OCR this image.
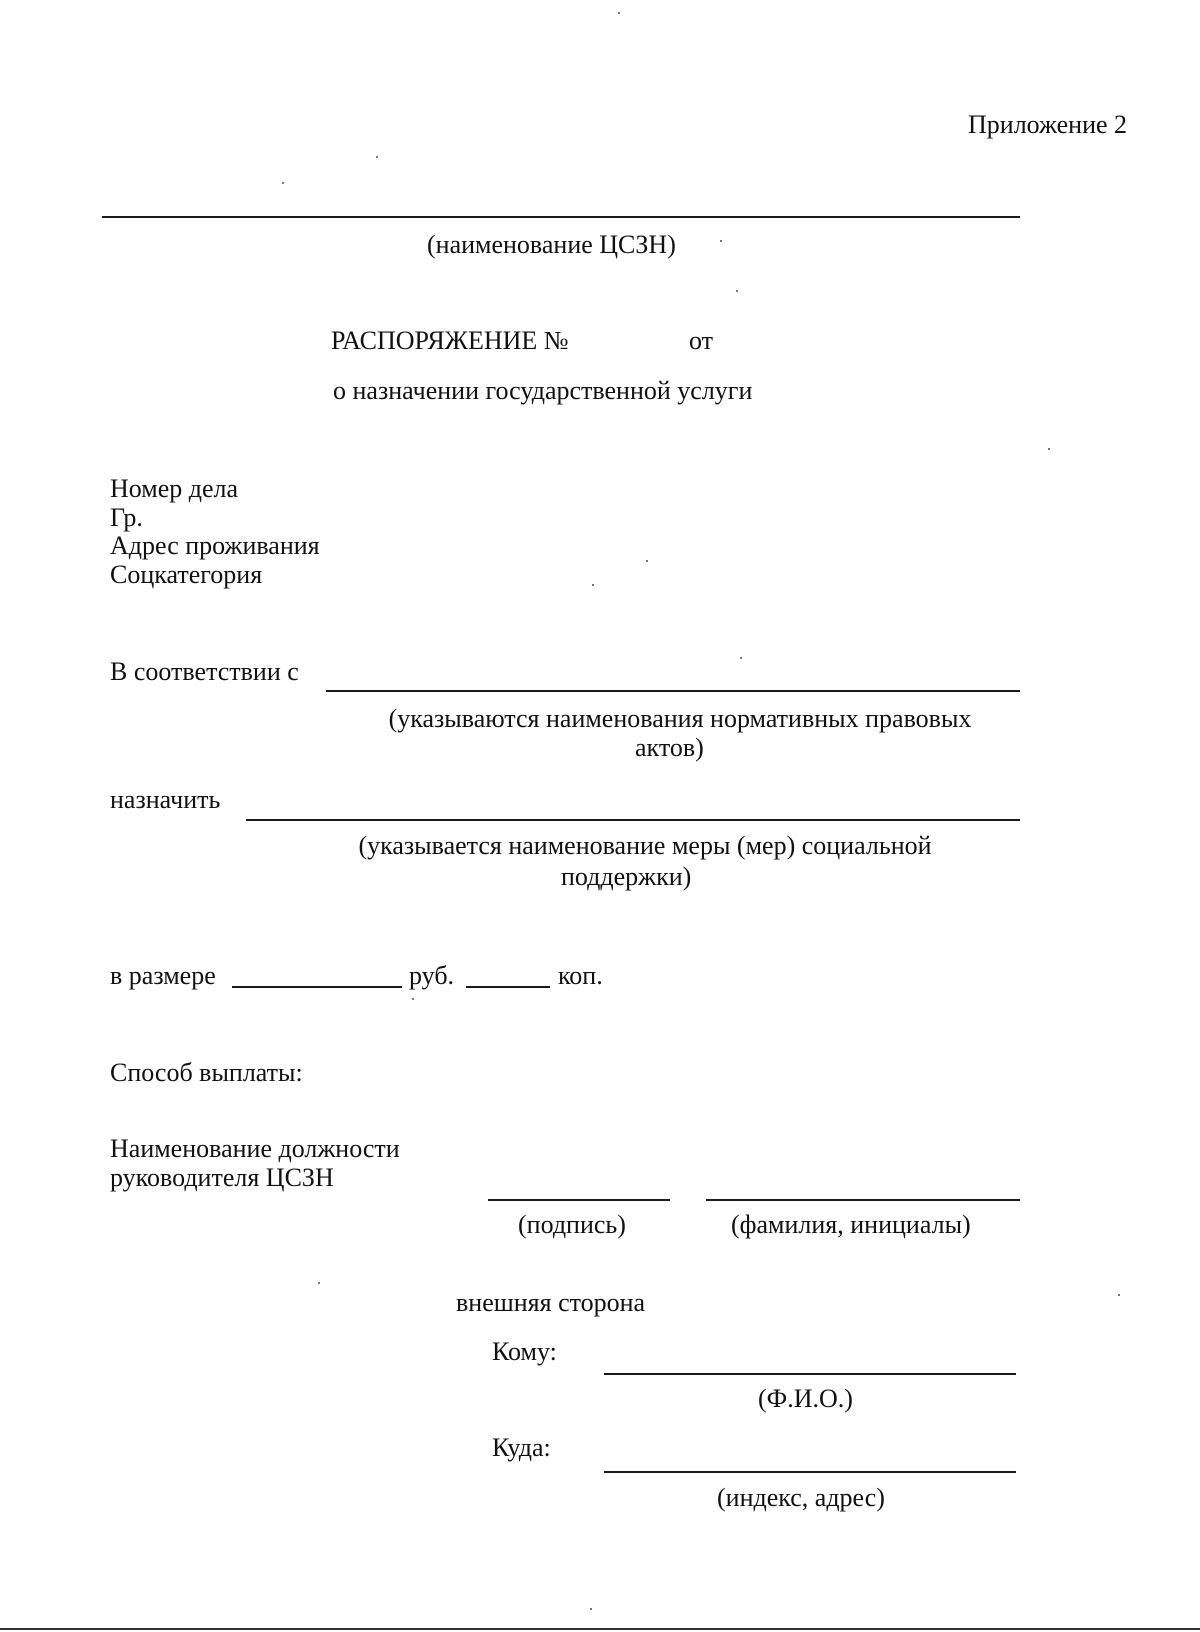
Приложение 2
(наименование ЦСЗН)
РАСПОРЯЖЕНИЕ №	от
о назначении государственной услуги
Номер дела
Гр.
Адрес проживания
Соцкатегория
В соответствии с
(указываются наименования нормативных правовых
актов)
назначить
(указывается наименование меры (мер) социальной
поддержки)
в размере	руб.	коп.
Способ выплаты:
Наименование должности
руководителя ЦСЗН
(подпись)	(фамилия, инициалы)
внешняя сторона
Кому:
(Ф.И.О.)
Куда:
(индекс, адрес)
